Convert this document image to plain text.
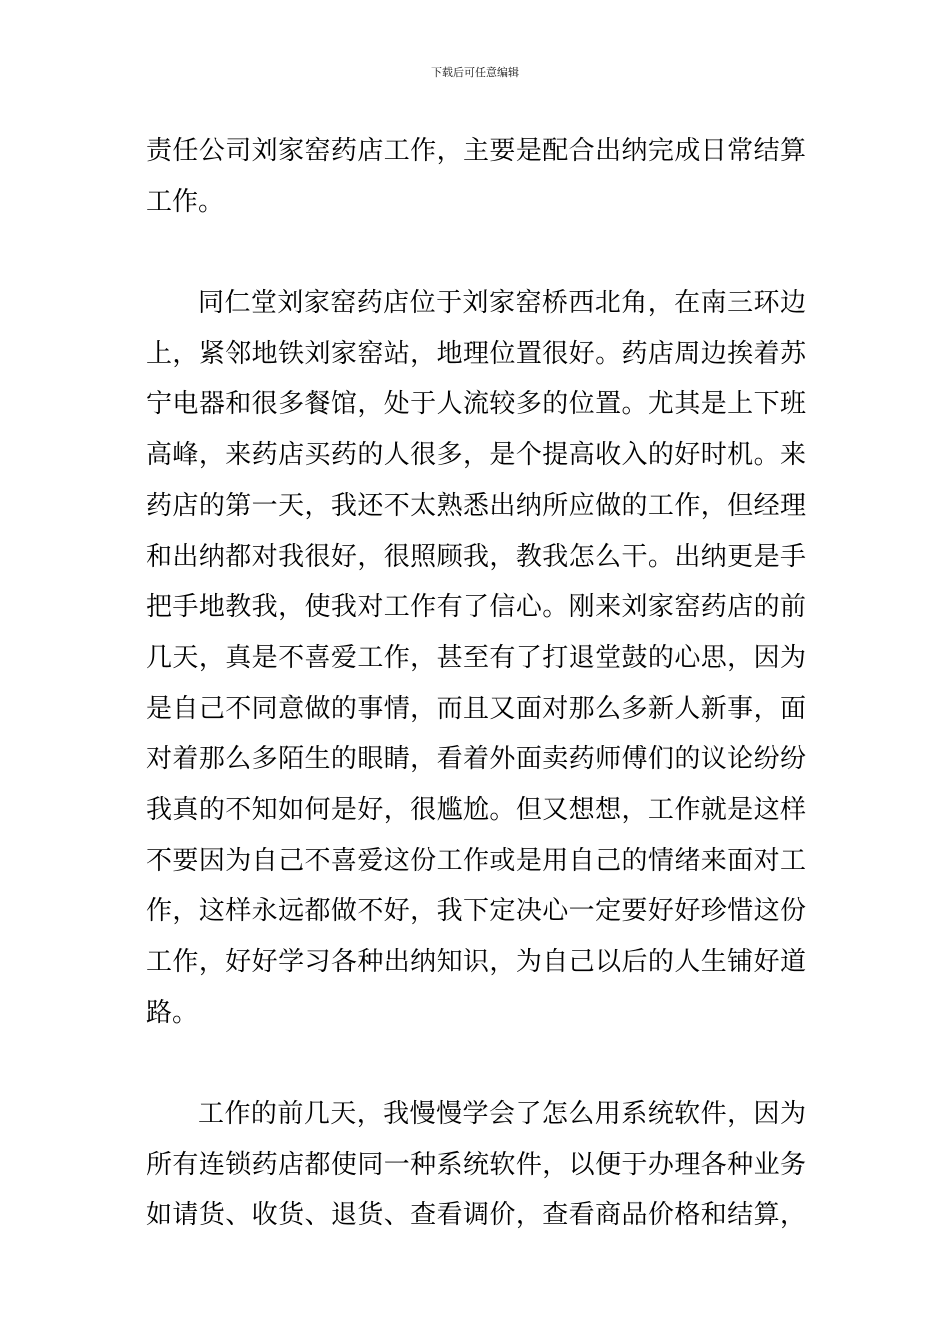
下载后可任意编辑
责任公司刘家窑药店工作，主要是配合出纳完成日常结算
工作。
同仁堂刘家窑药店位于刘家窑桥西北角，在南三环边
上，紧邻地铁刘家窑站，地理位置很好。药店周边挨着苏
宁电器和很多餐馆，处于人流较多的位置。尤其是上下班
高峰，来药店买药的人很多，是个提高收入的好时机。来
药店的第一天，我还不太熟悉出纳所应做的工作，但经理
和出纳都对我很好，很照顾我，教我怎么干。出纳更是手
把手地教我，使我对工作有了信心。刚来刘家窑药店的前
几天，真是不喜爱工作，甚至有了打退堂鼓的心思，因为
是自己不同意做的事情，而且又面对那么多新人新事，面
对着那么多陌生的眼睛，看着外面卖药师傅们的议论纷纷
我真的不知如何是好，很尴尬。但又想想，工作就是这样
不要因为自己不喜爱这份工作或是用自己的情绪来面对工
作，这样永远都做不好，我下定决心一定要好好珍惜这份
工作，好好学习各种出纳知识，为自己以后的人生铺好道
路。
工作的前几天，我慢慢学会了怎么用系统软件，因为
所有连锁药店都使同一种系统软件，以便于办理各种业务
如请货、收货、退货、查看调价，查看商品价格和结算，
